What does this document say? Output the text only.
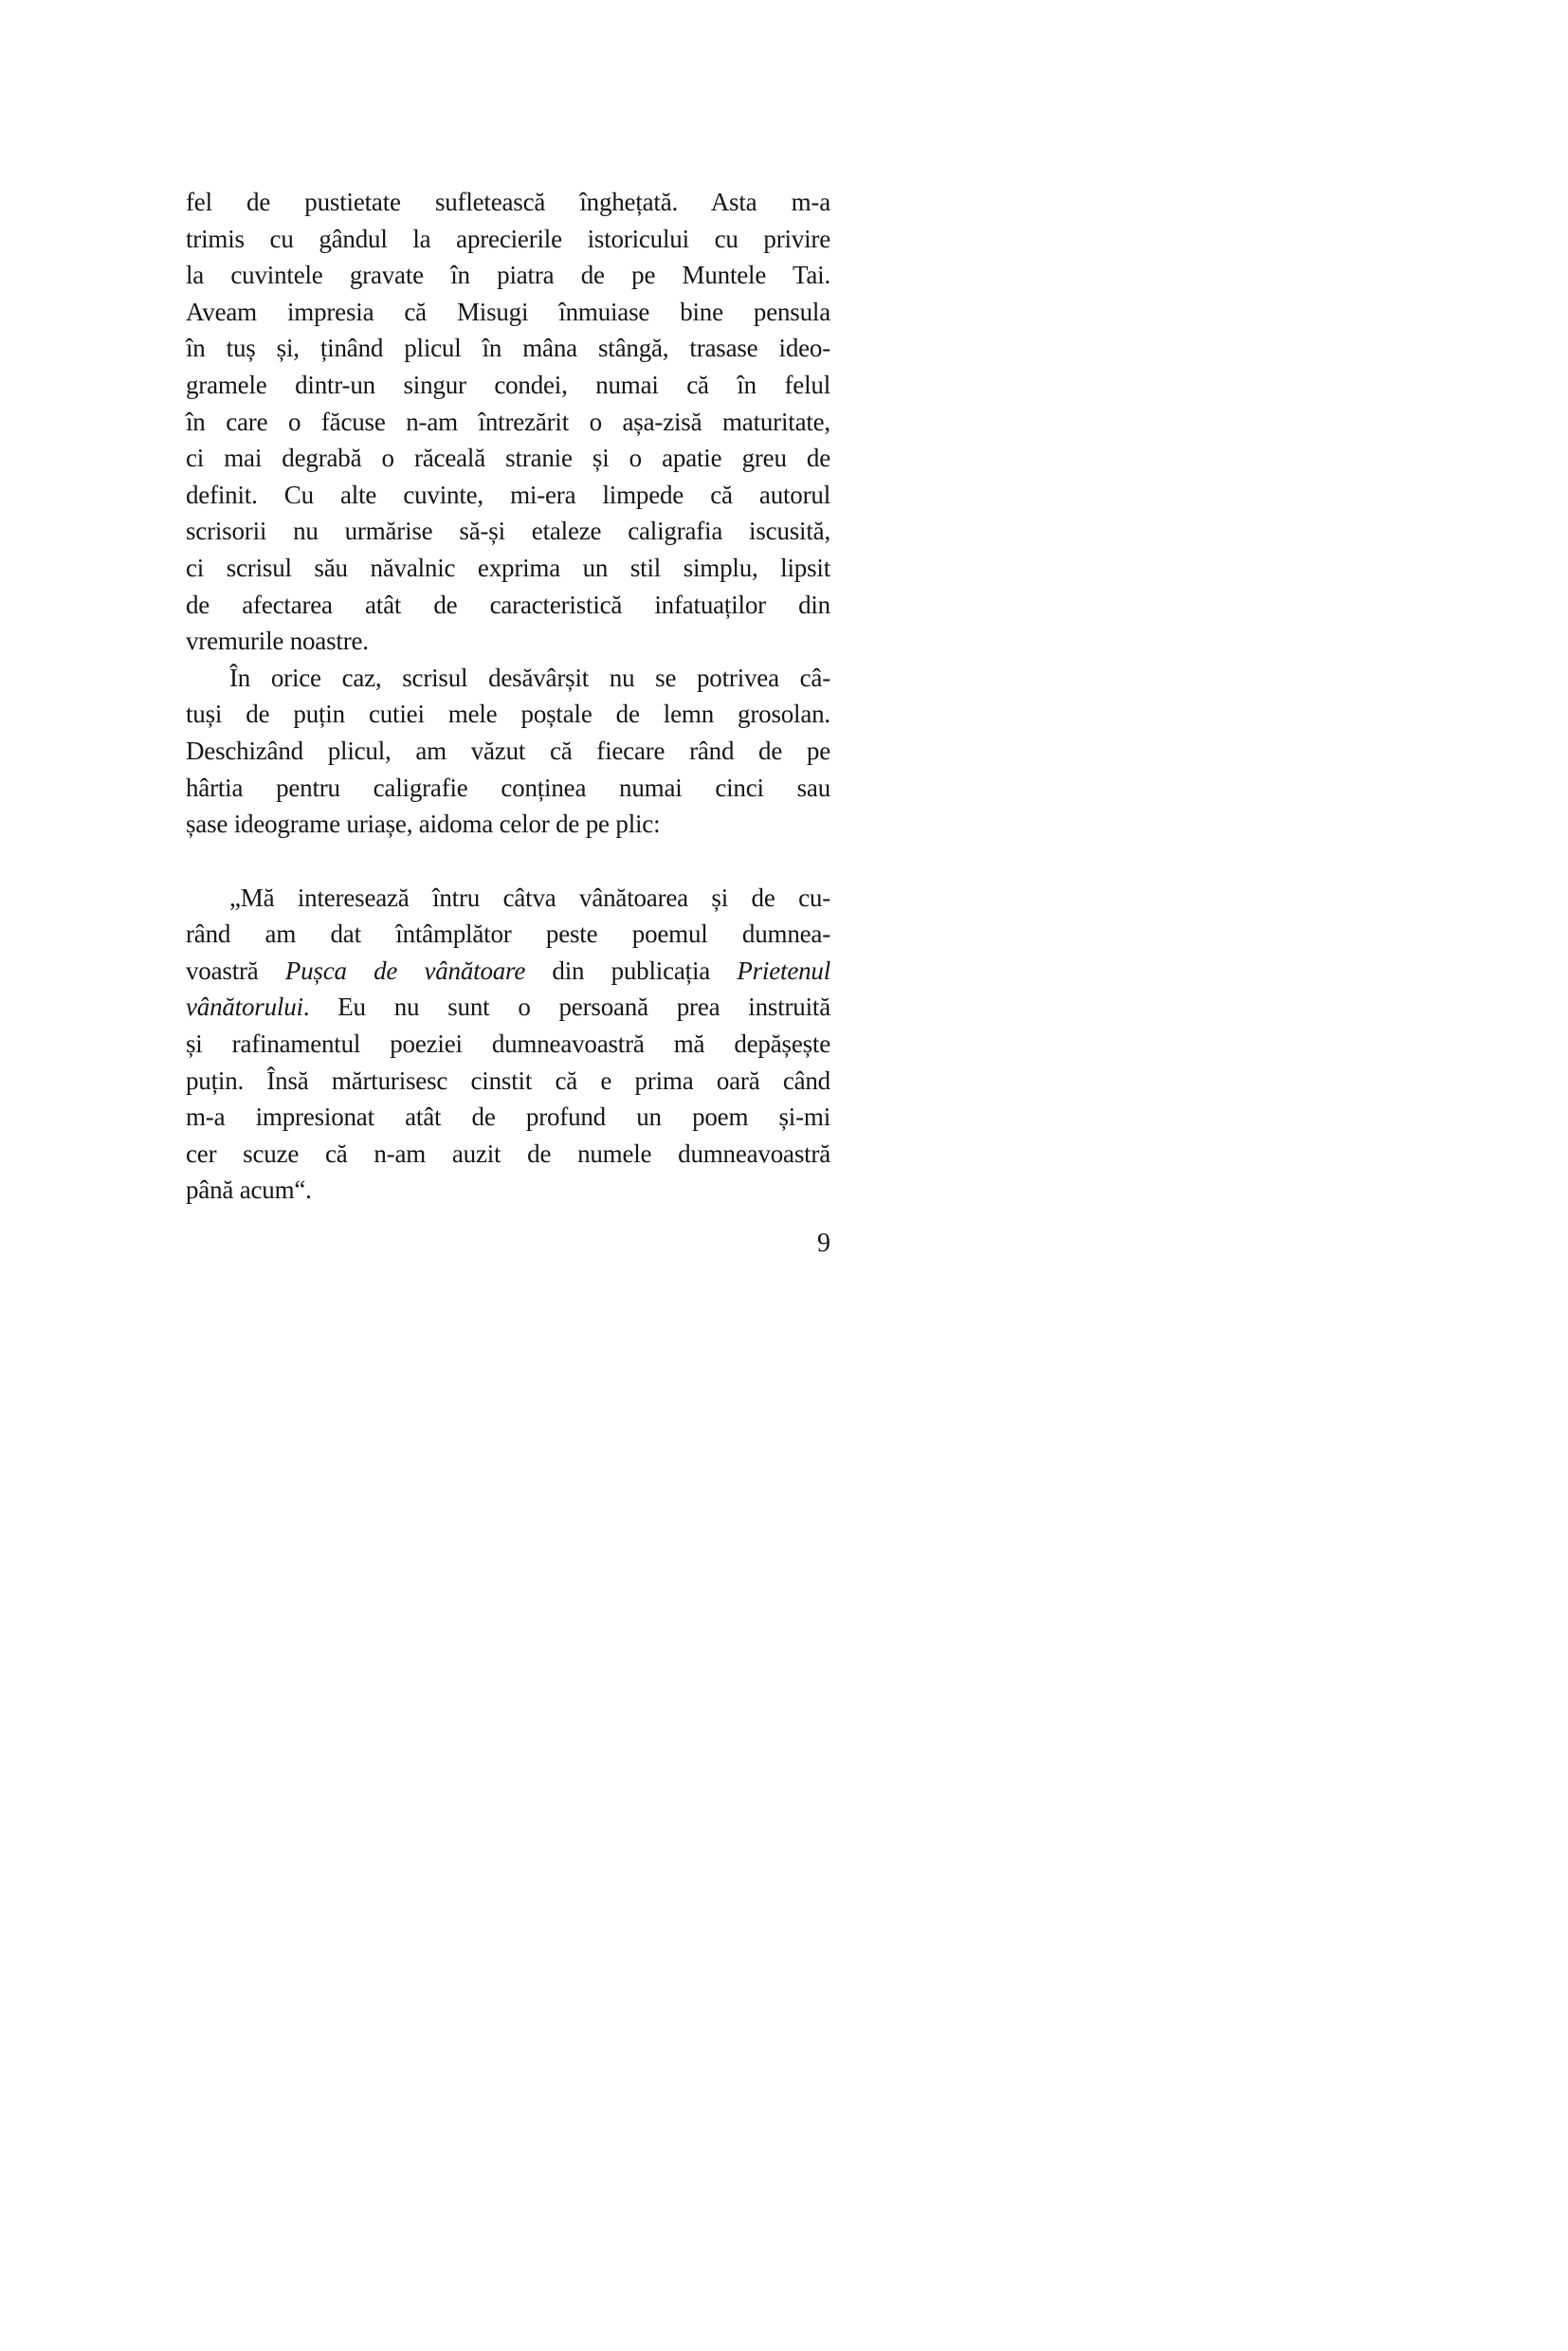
fel de pustietate sufletească înghețată. Asta m-a
trimis cu gândul la aprecierile istoricului cu privire
la cuvintele gravate în piatra de pe Muntele Tai.
Aveam impresia că Misugi înmuiase bine pensula
în tuș și, ținând plicul în mâna stângă, trasase ideo-
gramele dintr-un singur condei, numai că în felul
în care o făcuse n-am întrezărit o așa-zisă maturitate,
ci mai degrabă o răceală stranie și o apatie greu de
definit. Cu alte cuvinte, mi-era limpede că autorul
scrisorii nu urmărise să-și etaleze caligrafia iscusită,
ci scrisul său năvalnic exprima un stil simplu, lipsit
de afectarea atât de caracteristică infatuaților din
vremurile noastre.
În orice caz, scrisul desăvârșit nu se potrivea câ-
tuși de puțin cutiei mele poștale de lemn grosolan.
Deschizând plicul, am văzut că fiecare rând de pe
hârtia pentru caligrafie conținea numai cinci sau
șase ideograme uriașe, aidoma celor de pe plic:
„Mă interesează întru câtva vânătoarea și de cu-
rând am dat întâmplător peste poemul dumnea-
voastră Pușca de vânătoare din publicația Prietenul
vânătorului. Eu nu sunt o persoană prea instruită
și rafinamentul poeziei dumneavoastră mă depășește
puțin. Însă mărturisesc cinstit că e prima oară când
m-a impresionat atât de profund un poem și-mi
cer scuze că n-am auzit de numele dumneavoastră
până acum“.
9
